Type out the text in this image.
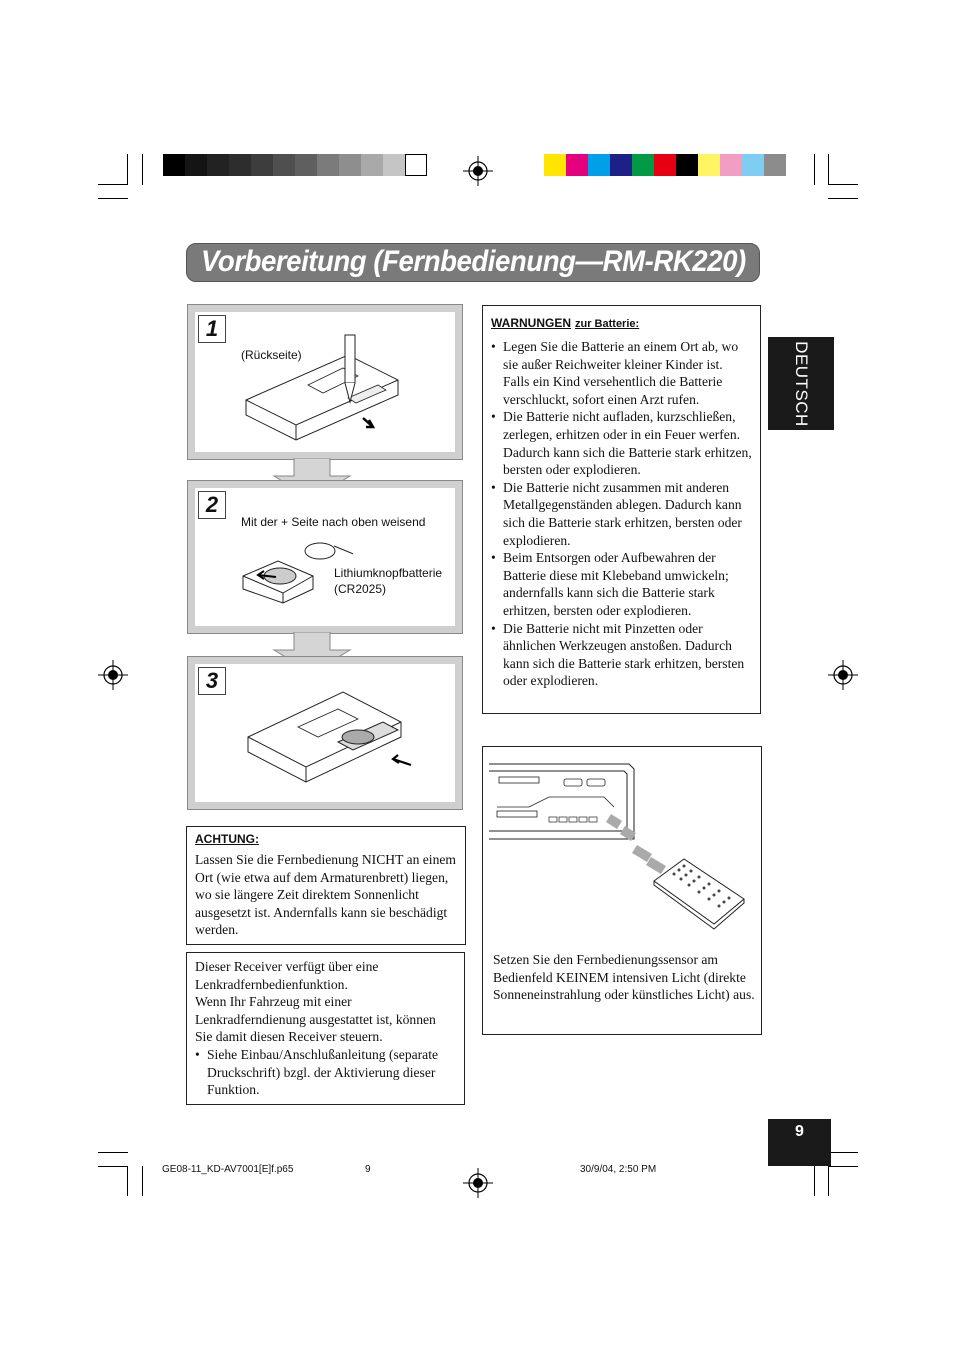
Vorbereitung (Fernbedienung—RM-RK220)
DEUTSCH
1
(Rückseite)
2
Mit der + Seite nach oben weisend
Lithiumknopfbatterie
(CR2025)
3
ACHTUNG:
Lassen Sie die Fernbedienung NICHT an einem Ort (wie etwa auf dem Armaturenbrett) liegen, wo sie längere Zeit direktem Sonnenlicht ausgesetzt ist. Andernfalls kann sie beschädigt werden.
Dieser Receiver verfügt über eine Lenkradfernbedienfunktion.
Wenn Ihr Fahrzeug mit einer Lenkradferndienung ausgestattet ist, können Sie damit diesen Receiver steuern.
• Siehe Einbau/Anschlußanleitung (separate Druckschrift) bzgl. der Aktivierung dieser Funktion.
WARNUNGEN zur Batterie:
• Legen Sie die Batterie an einem Ort ab, wo sie außer Reichweiter kleiner Kinder ist. Falls ein Kind versehentlich die Batterie verschluckt, sofort einen Arzt rufen.
• Die Batterie nicht aufladen, kurzschließen, zerlegen, erhitzen oder in ein Feuer werfen. Dadurch kann sich die Batterie stark erhitzen, bersten oder explodieren.
• Die Batterie nicht zusammen mit anderen Metallgegenständen ablegen. Dadurch kann sich die Batterie stark erhitzen, bersten oder explodieren.
• Beim Entsorgen oder Aufbewahren der Batterie diese mit Klebeband umwickeln; andernfalls kann sich die Batterie stark erhitzen, bersten oder explodieren.
• Die Batterie nicht mit Pinzetten oder ähnlichen Werkzeugen anstoßen. Dadurch kann sich die Batterie stark erhitzen, bersten oder explodieren.
Setzen Sie den Fernbedienungssensor am Bedienfeld KEINEM intensiven Licht (direkte Sonneneinstrahlung oder künstliches Licht) aus.
9
GE08-11_KD-AV7001[E]f.p65	9	30/9/04, 2:50 PM
